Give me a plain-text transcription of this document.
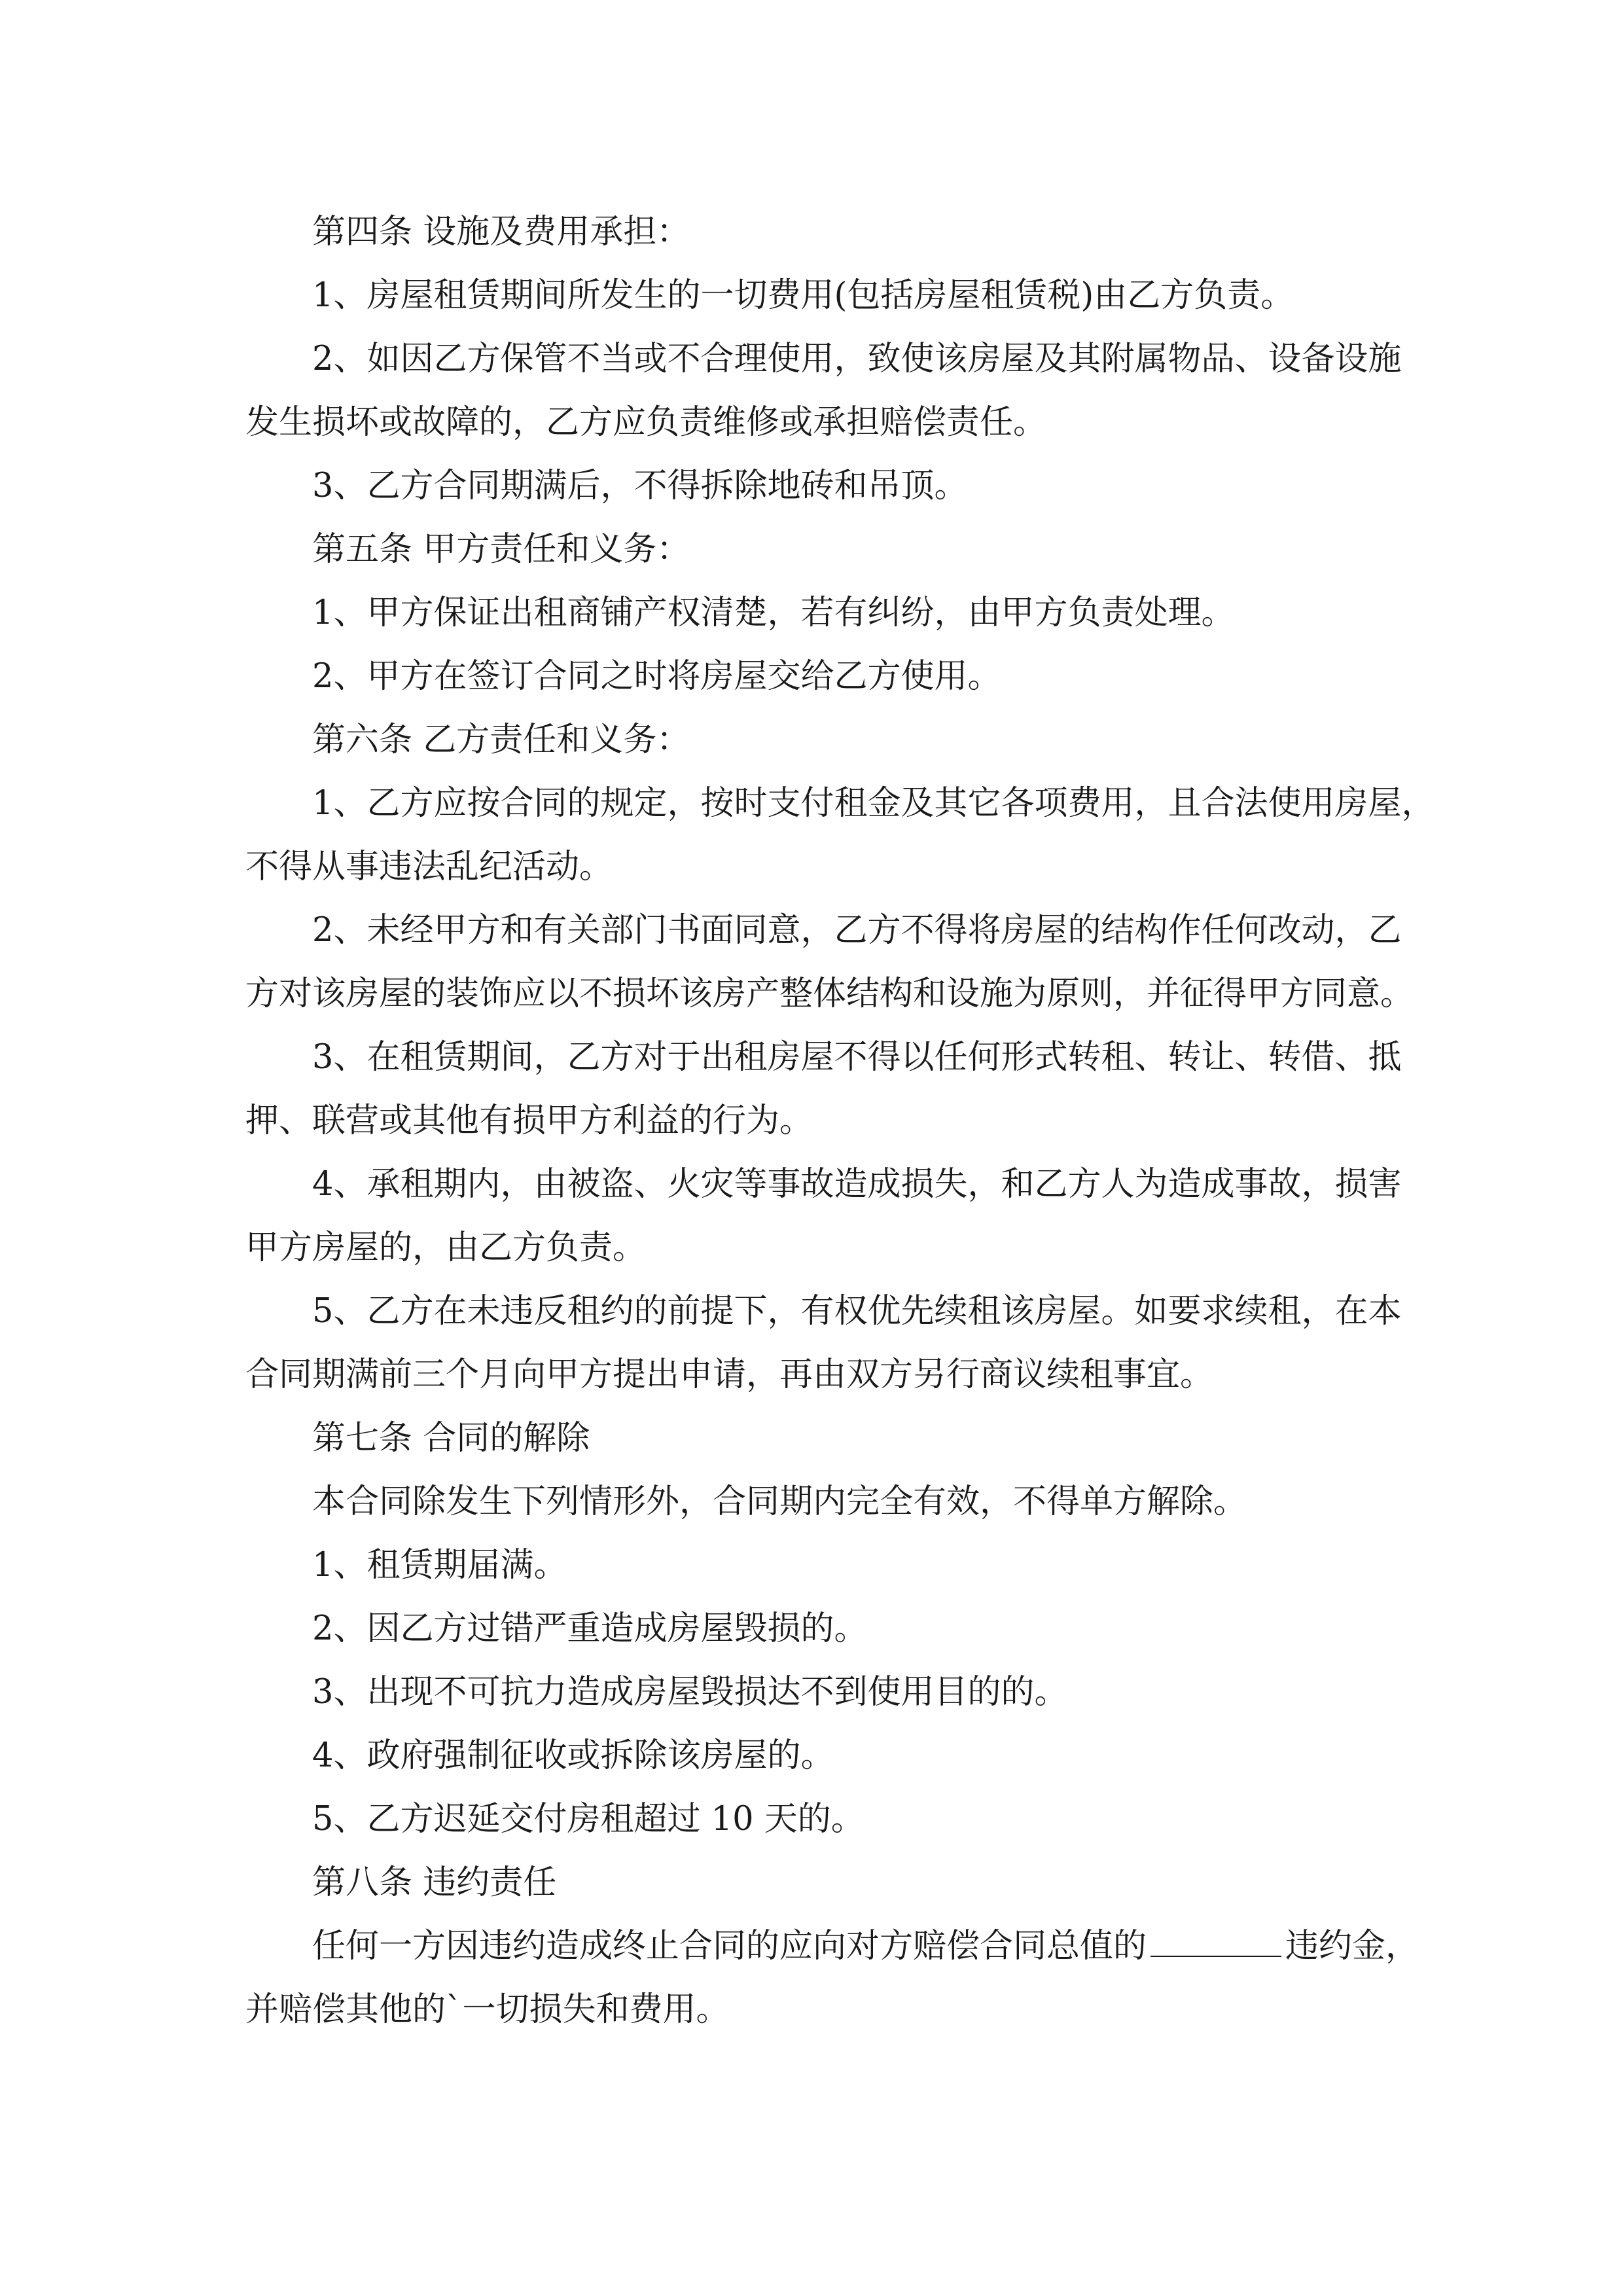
第四条 设施及费用承担：

1、房屋租赁期间所发生的一切费用(包括房屋租赁税)由乙方负责。

2、如因乙方保管不当或不合理使用，致使该房屋及其附属物品、设备设施

发生损坏或故障的，乙方应负责维修或承担赔偿责任。

3、乙方合同期满后，不得拆除地砖和吊顶。

第五条 甲方责任和义务：

1、甲方保证出租商铺产权清楚，若有纠纷，由甲方负责处理。

2、甲方在签订合同之时将房屋交给乙方使用。

第六条 乙方责任和义务：

1、乙方应按合同的规定，按时支付租金及其它各项费用，且合法使用房屋，

不得从事违法乱纪活动。

2、未经甲方和有关部门书面同意，乙方不得将房屋的结构作任何改动，乙

方对该房屋的装饰应以不损坏该房产整体结构和设施为原则，并征得甲方同意。

3、在租赁期间，乙方对于出租房屋不得以任何形式转租、转让、转借、抵

押、联营或其他有损甲方利益的行为。

4、承租期内，由被盗、火灾等事故造成损失，和乙方人为造成事故，损害

甲方房屋的，由乙方负责。

5、乙方在未违反租约的前提下，有权优先续租该房屋。如要求续租，在本

合同期满前三个月向甲方提出申请，再由双方另行商议续租事宜。

第七条 合同的解除

本合同除发生下列情形外，合同期内完全有效，不得单方解除。

1、租赁期届满。

2、因乙方过错严重造成房屋毁损的。

3、出现不可抗力造成房屋毁损达不到使用目的的。

4、政府强制征收或拆除该房屋的。

5、乙方迟延交付房租超过 10 天的。

第八条 违约责任

任何一方因违约造成终止合同的应向对方赔偿合同总值的	违约金，

并赔偿其他的`一切损失和费用。
